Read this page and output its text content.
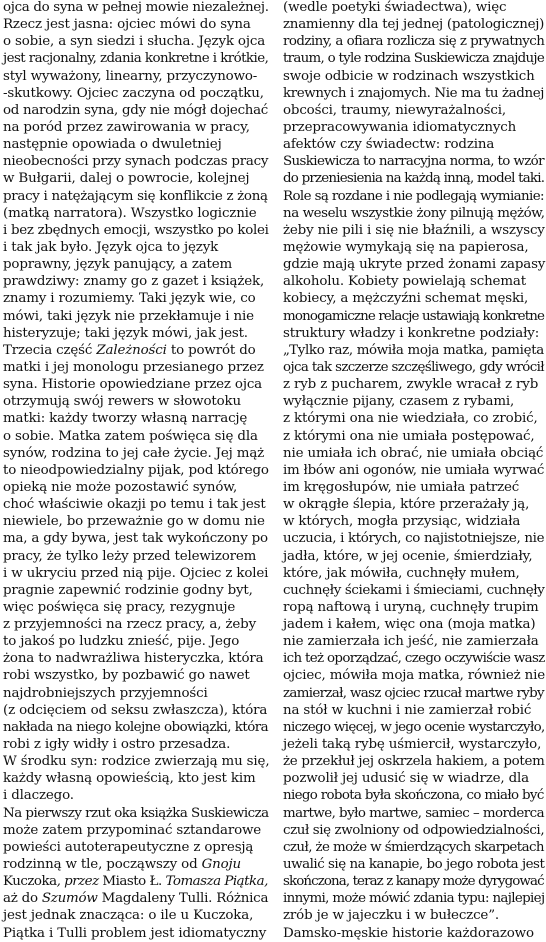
ojca do syna w pełnej mowie niezależnej.
Rzecz jest jasna: ojciec mówi do syna
o sobie, a syn siedzi i słucha. Język ojca
jest racjonalny, zdania konkretne i krótkie,
styl wyważony, linearny, przyczynowo-
-skutkowy. Ojciec zaczyna od początku,
od narodzin syna, gdy nie mógł dojechać
na poród przez zawirowania w pracy,
następnie opowiada o dwuletniej
nieobecności przy synach podczas pracy
w Bułgarii, dalej o powrocie, kolejnej
pracy i natężającym się konflikcie z żoną
(matką narratora). Wszystko logicznie
i bez zbędnych emocji, wszystko po kolei
i tak jak było. Język ojca to język
poprawny, język panujący, a zatem
prawdziwy: znamy go z gazet i książek,
znamy i rozumiemy. Taki język wie, co
mówi, taki język nie przekłamuje i nie
histeryzuje; taki język mówi, jak jest.
Trzecia część Zależności to powrót do
matki i jej monologu przesianego przez
syna. Historie opowiedziane przez ojca
otrzymują swój rewers w słowotoku
matki: każdy tworzy własną narrację
o sobie. Matka zatem poświęca się dla
synów, rodzina to jej całe życie. Jej mąż
to nieodpowiedzialny pijak, pod którego
opieką nie może pozostawić synów,
choć właściwie okazji po temu i tak jest
niewiele, bo przeważnie go w domu nie
ma, a gdy bywa, jest tak wykończony po
pracy, że tylko leży przed telewizorem
i w ukryciu przed nią pije. Ojciec z kolei
pragnie zapewnić rodzinie godny byt,
więc poświęca się pracy, rezygnuje
z przyjemności na rzecz pracy, a, żeby
to jakoś po ludzku znieść, pije. Jego
żona to nadwrażliwa histeryczka, która
robi wszystko, by pozbawić go nawet
najdrobniejszych przyjemności
(z odcięciem od seksu zwłaszcza), która
nakłada na niego kolejne obowiązki, która
robi z igły widły i ostro przesadza.
W środku syn: rodzice zwierzają mu się,
każdy własną opowieścią, kto jest kim
i dlaczego.
Na pierwszy rzut oka książka Suskiewicza
może zatem przypominać sztandarowe
powieści autoterapeutyczne z opresją
rodzinną w tle, począwszy od Gnoju
Kuczoka, przez Miasto Ł. Tomasza Piątka,
aż do Szumów Magdaleny Tulli. Różnica
jest jednak znacząca: o ile u Kuczoka,
Piątka i Tulli problem jest idiomatyczny
(wedle poetyki świadectwa), więc
znamienny dla tej jednej (patologicznej)
rodziny, a ofiara rozlicza się z prywatnych
traum, o tyle rodzina Suskiewicza znajduje
swoje odbicie w rodzinach wszystkich
krewnych i znajomych. Nie ma tu żadnej
obcości, traumy, niewyrażalności,
przepracowywania idiomatycznych
afektów czy świadectw: rodzina
Suskiewicza to narracyjna norma, to wzór
do przeniesienia na każdą inną, model taki.
Role są rozdane i nie podlegają wymianie:
na weselu wszystkie żony pilnują mężów,
żeby nie pili i się nie błaźnili, a wszyscy
mężowie wymykają się na papierosa,
gdzie mają ukryte przed żonami zapasy
alkoholu. Kobiety powielają schemat
kobiecy, a mężczyźni schemat męski,
monogamiczne relacje ustawiają konkretne
struktury władzy i konkretne podziały:
„Tylko raz, mówiła moja matka, pamięta
ojca tak szczerze szczęśliwego, gdy wrócił
z ryb z pucharem, zwykle wracał z ryb
wyłącznie pijany, czasem z rybami,
z którymi ona nie wiedziała, co zrobić,
z którymi ona nie umiała postępować,
nie umiała ich obrać, nie umiała obciąć
im łbów ani ogonów, nie umiała wyrwać
im kręgosłupów, nie umiała patrzeć
w okrągłe ślepia, które przerażały ją,
w których, mogła przysiąc, widziała
uczucia, i których, co najistotniejsze, nie
jadła, które, w jej ocenie, śmierdziały,
które, jak mówiła, cuchnęły mułem,
cuchnęły ściekami i śmieciami, cuchnęły
ropą naftową i uryną, cuchnęły trupim
jadem i kałem, więc ona (moja matka)
nie zamierzała ich jeść, nie zamierzała
ich też oporządzać, czego oczywiście wasz
ojciec, mówiła moja matka, również nie
zamierzał, wasz ojciec rzucał martwe ryby
na stół w kuchni i nie zamierzał robić
niczego więcej, w jego ocenie wystarczyło,
jeżeli taką rybę uśmiercił, wystarczyło,
że przekłuł jej oskrzela hakiem, a potem
pozwolił jej udusić się w wiadrze, dla
niego robota była skończona, co miało być
martwe, było martwe, samiec – morderca
czuł się zwolniony od odpowiedzialności,
czuł, że może w śmierdzących skarpetach
uwalić się na kanapie, bo jego robota jest
skończona, teraz z kanapy może dyrygować
innymi, może mówić zdania typu: najlepiej
zrób je w jajeczku i w bułeczce”.
Damsko-męskie historie każdorazowo
